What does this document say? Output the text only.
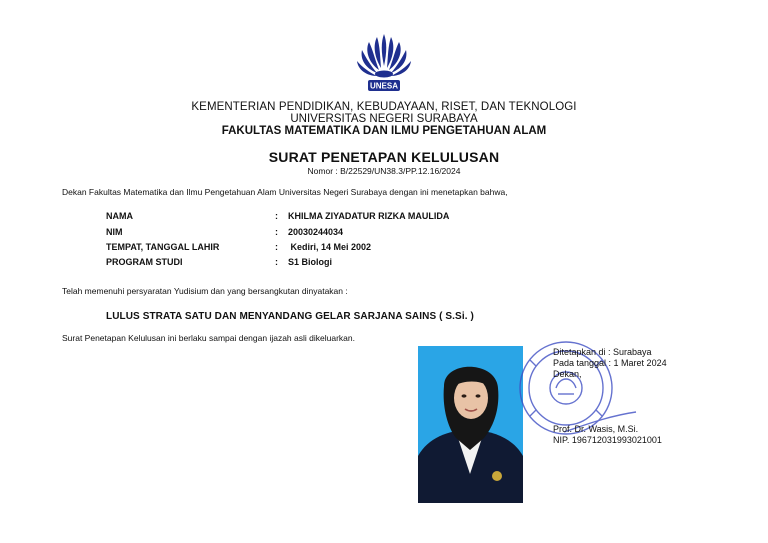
UNESA
KEMENTERIAN PENDIDIKAN, KEBUDAYAAN, RISET, DAN TEKNOLOGI
UNIVERSITAS NEGERI SURABAYA
FAKULTAS MATEMATIKA DAN ILMU PENGETAHUAN ALAM
SURAT PENETAPAN KELULUSAN
Nomor : B/22529/UN38.3/PP.12.16/2024
Dekan Fakultas Matematika dan Ilmu Pengetahuan Alam Universitas Negeri Surabaya dengan ini menetapkan bahwa,
NAMA	: KHILMA ZIYADATUR RIZKA MAULIDA
NIM	: 20030244034
TEMPAT, TANGGAL LAHIR	: Kediri, 14 Mei 2002
PROGRAM STUDI	: S1 Biologi
Telah memenuhi persyaratan Yudisium dan yang bersangkutan dinyatakan :
LULUS STRATA SATU DAN MENYANDANG GELAR SARJANA SAINS ( S.Si. )
Surat Penetapan Kelulusan ini berlaku sampai dengan ijazah asli dikeluarkan.
Ditetapkan di : Surabaya
Pada tanggal : 1 Maret 2024
Dekan,
Prof. Dr. Wasis, M.Si.
NIP. 196712031993021001
